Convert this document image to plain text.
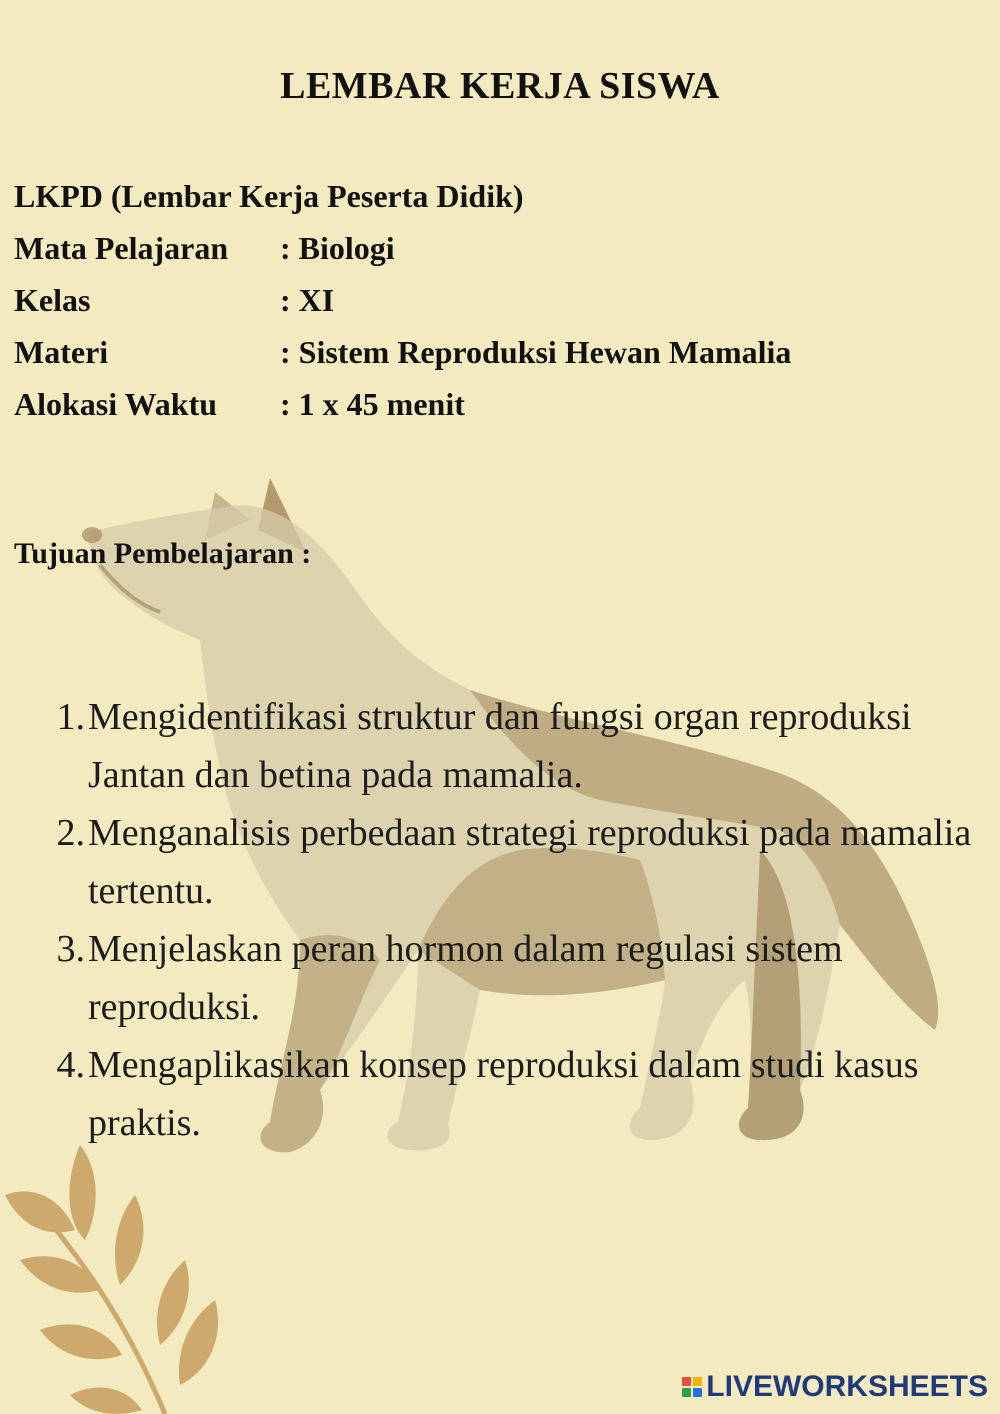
LEMBAR KERJA SISWA
LKPD (Lembar Kerja Peserta Didik)
Mata Pelajaran : Biologi
Kelas	: XI
Materi	: Sistem Reproduksi Hewan Mamalia
Alokasi Waktu : 1 x 45 menit
Tujuan Pembelajaran :
1. Mengidentifikasi struktur dan fungsi organ reproduksi Jantan dan betina pada mamalia.
2. Menganalisis perbedaan strategi reproduksi pada mamalia tertentu.
3. Menjelaskan peran hormon dalam regulasi sistem reproduksi.
4. Mengaplikasikan konsep reproduksi dalam studi kasus praktis.
LIVEWORKSHEETS
